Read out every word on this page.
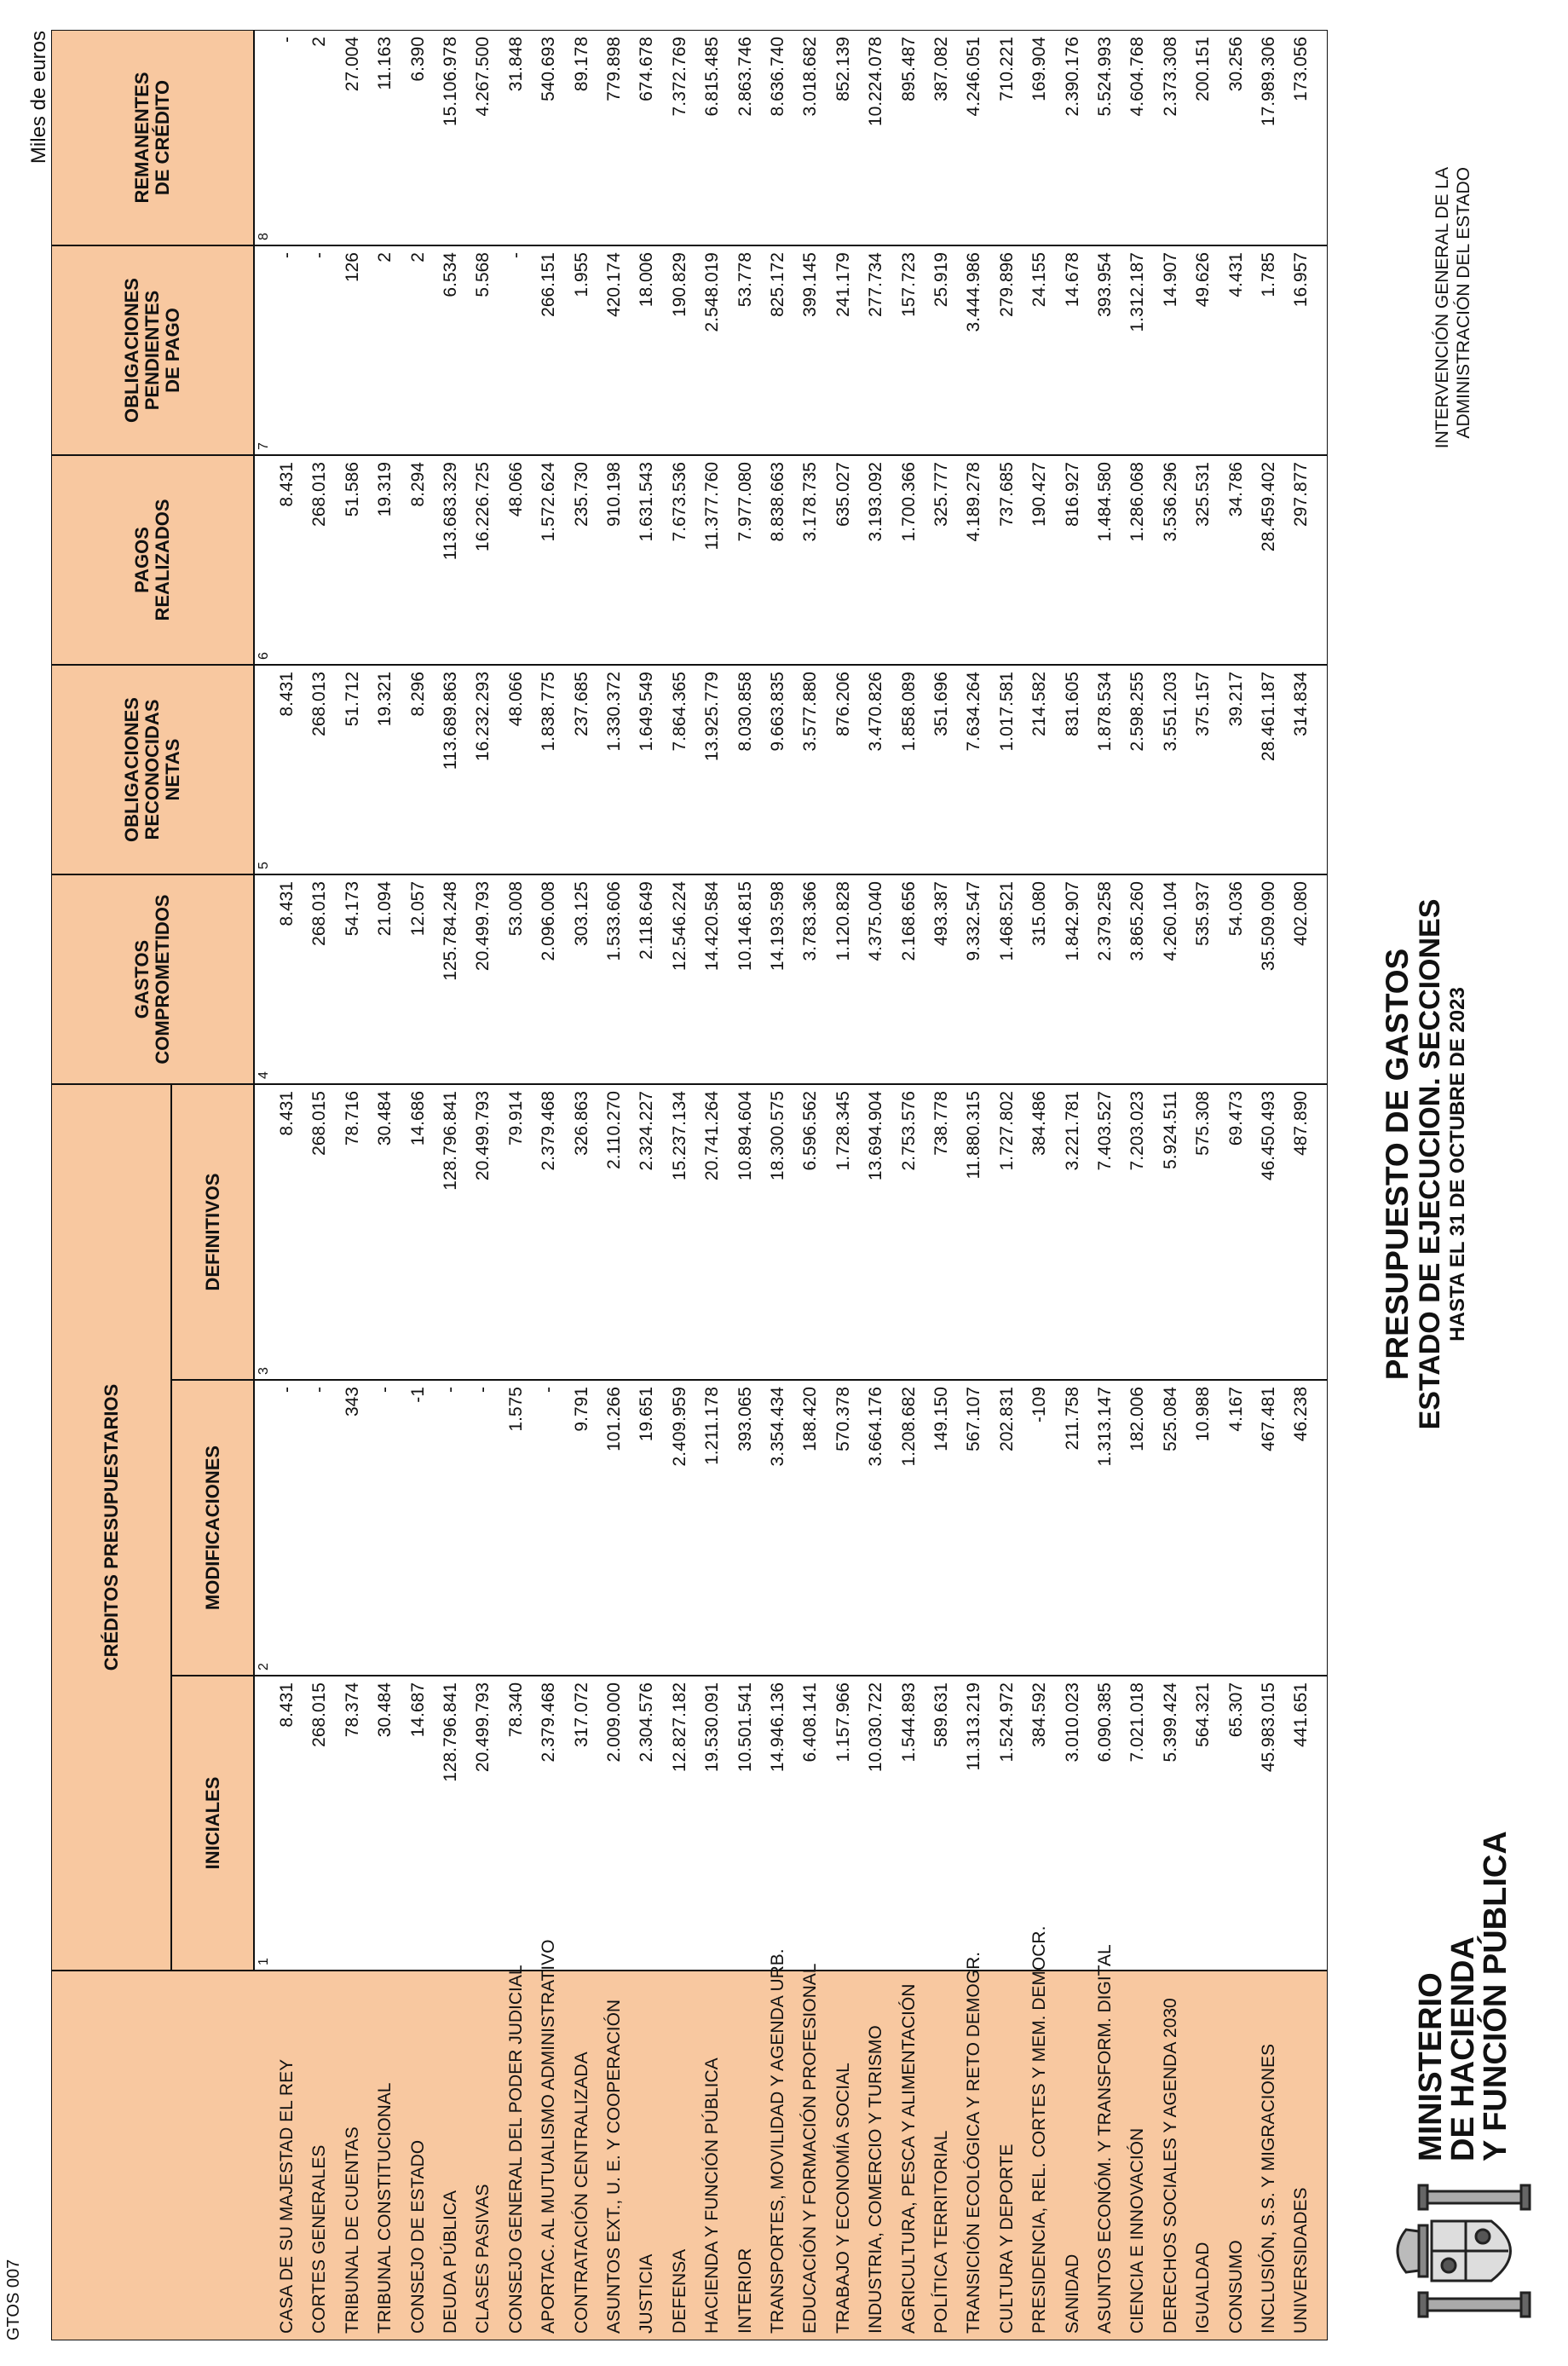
GTOS 007
Miles de euros
MINISTERIO
DE HACIENDA
Y FUNCIÓN PÚBLICA
PRESUPUESTO DE GASTOS ESTADO DE EJECUCION. SECCIONES HASTA EL 31 DE OCTUBRE DE 2023
INTERVENCIÓN GENERAL DE LA ADMINISTRACIÓN DEL ESTADO
CRÉDITOS PRESUPUESTARIOS
INICIALES
MODIFICACIONES
DEFINITIVOS
GASTOS COMPROMETIDOS
OBLIGACIONES RECONOCIDAS NETAS
PAGOS REALIZADOS
OBLIGACIONES PENDIENTES DE PAGO
REMANENTES DE CRÉDITO
1
2
3
4
5
6
7
8
CASA DE SU MAJESTAD EL REY
8.431
-
8.431
8.431
8.431
8.431
-
-
CORTES GENERALES
268.015
-
268.015
268.013
268.013
268.013
-
2
TRIBUNAL DE CUENTAS
78.374
343
78.716
54.173
51.712
51.586
126
27.004
TRIBUNAL CONSTITUCIONAL
30.484
-
30.484
21.094
19.321
19.319
2
11.163
CONSEJO DE ESTADO
14.687
-1
14.686
12.057
8.296
8.294
2
6.390
DEUDA PÚBLICA
128.796.841
-
128.796.841
125.784.248
113.689.863
113.683.329
6.534
15.106.978
CLASES PASIVAS
20.499.793
-
20.499.793
20.499.793
16.232.293
16.226.725
5.568
4.267.500
CONSEJO GENERAL DEL PODER JUDICIAL
78.340
1.575
79.914
53.008
48.066
48.066
-
31.848
APORTAC. AL MUTUALISMO ADMINISTRATIVO
2.379.468
-
2.379.468
2.096.008
1.838.775
1.572.624
266.151
540.693
CONTRATACIÓN CENTRALIZADA
317.072
9.791
326.863
303.125
237.685
235.730
1.955
89.178
ASUNTOS EXT., U. E. Y COOPERACIÓN
2.009.000
101.266
2.110.270
1.533.606
1.330.372
910.198
420.174
779.898
JUSTICIA
2.304.576
19.651
2.324.227
2.118.649
1.649.549
1.631.543
18.006
674.678
DEFENSA
12.827.182
2.409.959
15.237.134
12.546.224
7.864.365
7.673.536
190.829
7.372.769
HACIENDA Y FUNCIÓN PÚBLICA
19.530.091
1.211.178
20.741.264
14.420.584
13.925.779
11.377.760
2.548.019
6.815.485
INTERIOR
10.501.541
393.065
10.894.604
10.146.815
8.030.858
7.977.080
53.778
2.863.746
TRANSPORTES, MOVILIDAD Y AGENDA URB.
14.946.136
3.354.434
18.300.575
14.193.598
9.663.835
8.838.663
825.172
8.636.740
EDUCACIÓN Y FORMACIÓN PROFESIONAL
6.408.141
188.420
6.596.562
3.783.366
3.577.880
3.178.735
399.145
3.018.682
TRABAJO Y ECONOMÍA SOCIAL
1.157.966
570.378
1.728.345
1.120.828
876.206
635.027
241.179
852.139
INDUSTRIA, COMERCIO Y TURISMO
10.030.722
3.664.176
13.694.904
4.375.040
3.470.826
3.193.092
277.734
10.224.078
AGRICULTURA, PESCA Y ALIMENTACIÓN
1.544.893
1.208.682
2.753.576
2.168.656
1.858.089
1.700.366
157.723
895.487
POLÍTICA TERRITORIAL
589.631
149.150
738.778
493.387
351.696
325.777
25.919
387.082
TRANSICIÓN ECOLÓGICA Y RETO DEMOGR.
11.313.219
567.107
11.880.315
9.332.547
7.634.264
4.189.278
3.444.986
4.246.051
CULTURA Y DEPORTE
1.524.972
202.831
1.727.802
1.468.521
1.017.581
737.685
279.896
710.221
PRESIDENCIA, REL. CORTES Y MEM. DEMOCR.
384.592
-109
384.486
315.080
214.582
190.427
24.155
169.904
SANIDAD
3.010.023
211.758
3.221.781
1.842.907
831.605
816.927
14.678
2.390.176
ASUNTOS ECONÓM. Y TRANSFORM. DIGITAL
6.090.385
1.313.147
7.403.527
2.379.258
1.878.534
1.484.580
393.954
5.524.993
CIENCIA E INNOVACIÓN
7.021.018
182.006
7.203.023
3.865.260
2.598.255
1.286.068
1.312.187
4.604.768
DERECHOS SOCIALES Y AGENDA 2030
5.399.424
525.084
5.924.511
4.260.104
3.551.203
3.536.296
14.907
2.373.308
IGUALDAD
564.321
10.988
575.308
535.937
375.157
325.531
49.626
200.151
CONSUMO
65.307
4.167
69.473
54.036
39.217
34.786
4.431
30.256
INCLUSIÓN, S.S. Y MIGRACIONES
45.983.015
467.481
46.450.493
35.509.090
28.461.187
28.459.402
1.785
17.989.306
UNIVERSIDADES
441.651
46.238
487.890
402.080
314.834
297.877
16.957
173.056
